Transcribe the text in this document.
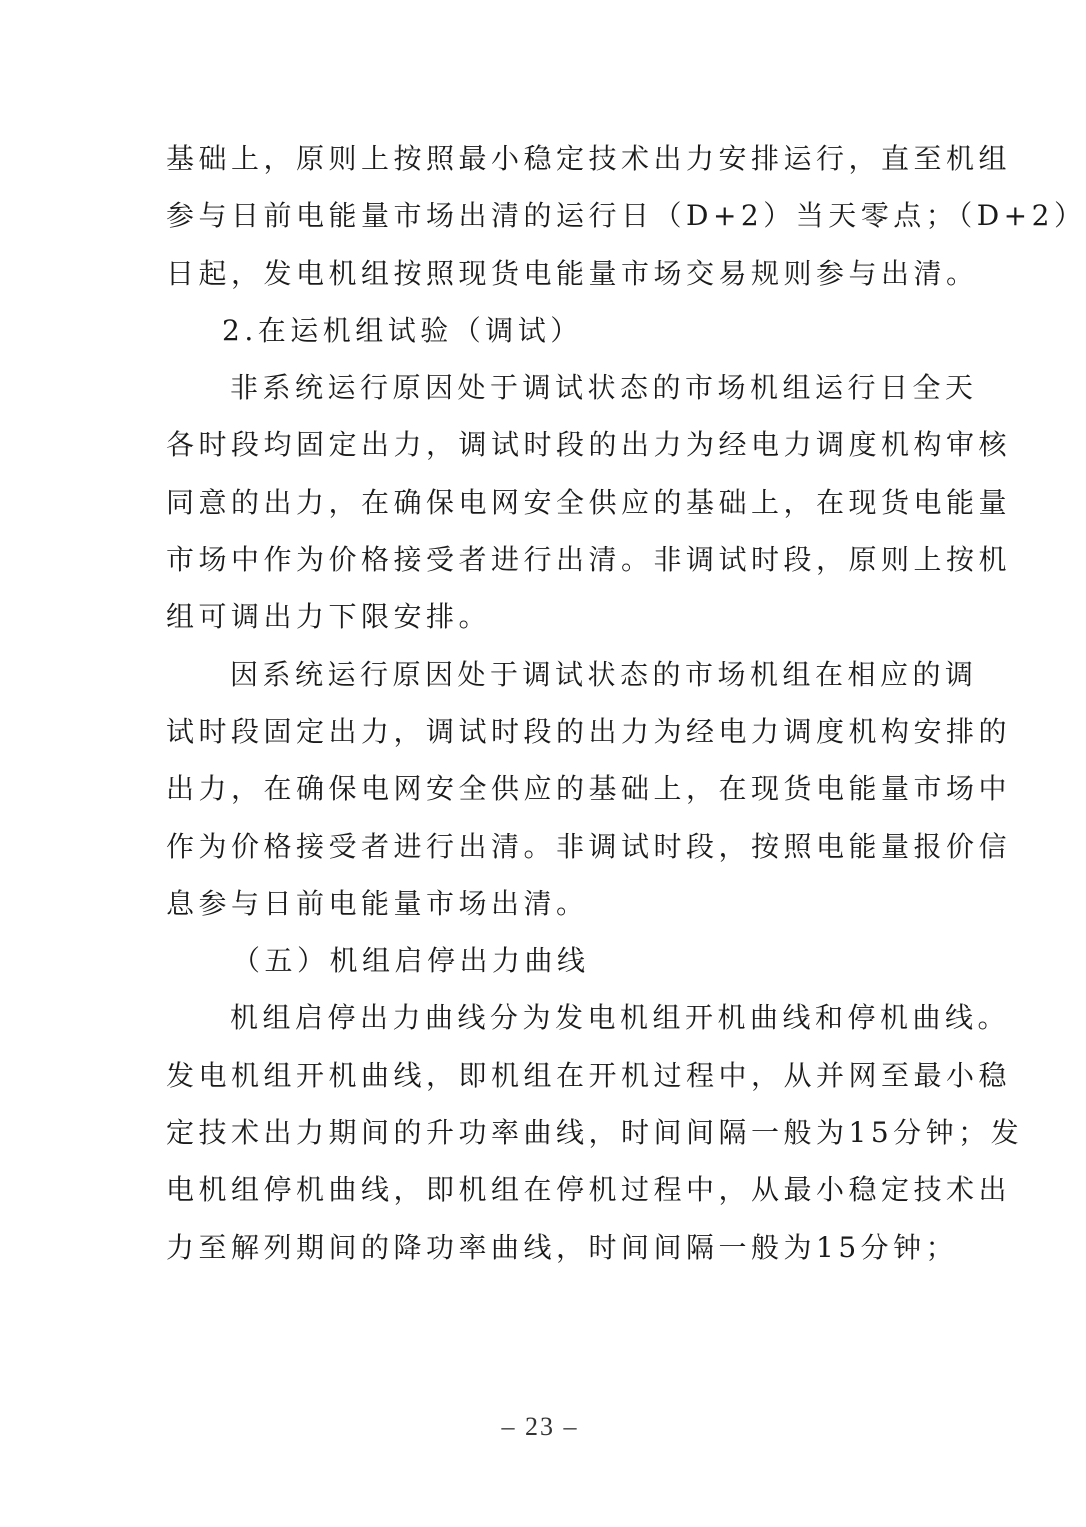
基础上，原则上按照最小稳定技术出力安排运行，直至机组
参与日前电能量市场出清的运行日（D+2）当天零点；（D+2）
日起，发电机组按照现货电能量市场交易规则参与出清。
2.在运机组试验（调试）
非系统运行原因处于调试状态的市场机组运行日全天
各时段均固定出力，调试时段的出力为经电力调度机构审核
同意的出力，在确保电网安全供应的基础上，在现货电能量
市场中作为价格接受者进行出清。非调试时段，原则上按机
组可调出力下限安排。
因系统运行原因处于调试状态的市场机组在相应的调
试时段固定出力，调试时段的出力为经电力调度机构安排的
出力，在确保电网安全供应的基础上，在现货电能量市场中
作为价格接受者进行出清。非调试时段，按照电能量报价信
息参与日前电能量市场出清。
（五）机组启停出力曲线
机组启停出力曲线分为发电机组开机曲线和停机曲线。
发电机组开机曲线，即机组在开机过程中，从并网至最小稳
定技术出力期间的升功率曲线，时间间隔一般为15分钟；发
电机组停机曲线，即机组在停机过程中，从最小稳定技术出
力至解列期间的降功率曲线，时间间隔一般为15分钟；
– 23 –
